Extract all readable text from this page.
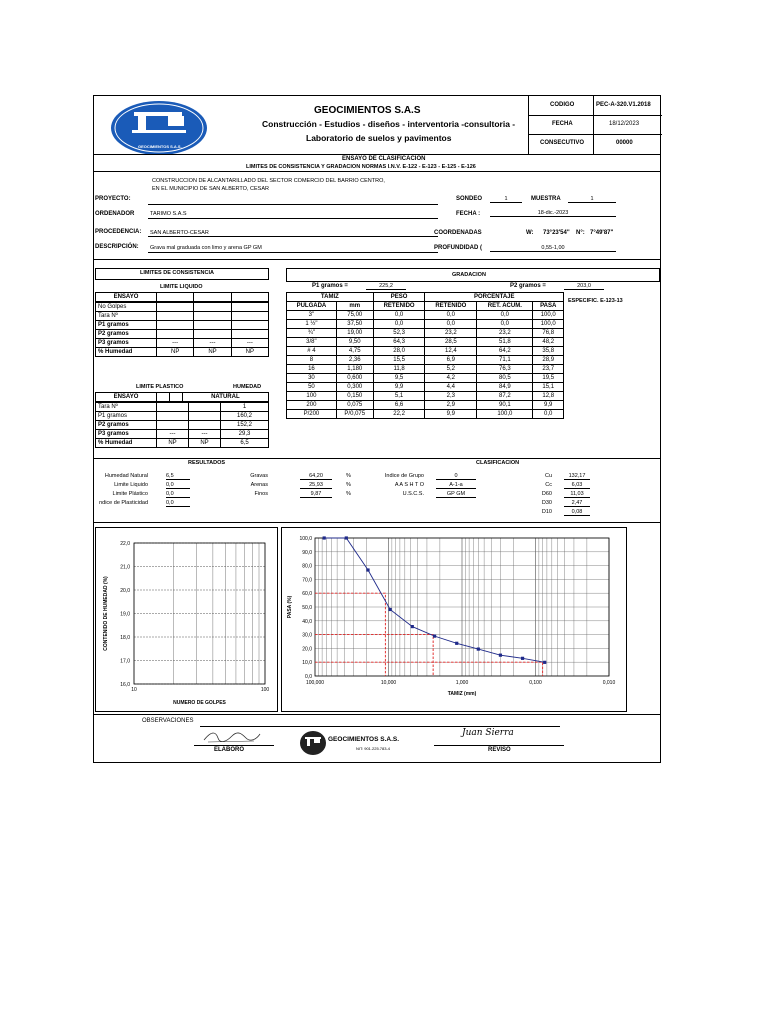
GEOCIMIENTOS S.A.S.
GEOCIMIENTOS S.A.S
Construcción - Estudios - diseños - interventoria -consultoria -
Laboratorio de suelos y pavimentos
CODIGO	PEC-A-320.V1.2018
FECHA	18/12/2023
CONSECUTIVO	00000
ENSAYO DE CLASIFICACION
LIMITES DE CONSISTENCIA Y GRADACION NORMAS I.N.V. E-122 - E-123 - E-125 - E-126
CONSTRUCCION DE ALCANTARILLADO DEL SECTOR COMERCIO DEL BARRIO CENTRO,
EN EL MUNICIPIO DE SAN ALBERTO, CESAR
PROYECTO:
ORDENADOR	TARIMO S.A.S
PROCEDENCIA: SAN ALBERTO-CESAR
DESCRIPCIÓN: Grava mal graduada con limo y arena GP GM
SONDEO	1	MUESTRA	1
FECHA :	18-dic.-2023
COORDENADAS	W: 73°23'54" N°: 7°49'87"
PROFUNDIDAD (	0,55-1,00
LIMITES DE CONSISTENCIA
LIMITE LIQUIDO
ENSAYO			
No Golpes			
Tara Nº			
P1 gramos			
P2 gramos			
P3 gramos	---	---	---
% Humedad	NP	NP	NP
LIMITE PLASTICO	HUMEDAD
ENSAYO			NATURAL
Tara Nº			1
P1 gramos			160,2
P2 gramos			152,2
P3 gramos	---	---	29,3
% Humedad	NP	NP	6,5
GRADACION
P1 gramos =	225,2	P2 gramos =	203,0
ESPECIFIC. E-123-13
TAMIZ		PESO	PORCENTAJE		
PULGADA	mm	RETENIDO	RETENIDO	RET. ACUM.	PASA
3"	75,00	0,0	0,0	0,0	100,0
1 ½"	37,50	0,0	0,0	0,0	100,0
¾"	19,00	52,3	23,2	23,2	76,8
3/8"	9,50	64,3	28,5	51,8	48,2
# 4	4,75	28,0	12,4	64,2	35,8
8	2,36	15,5	6,9	71,1	28,9
16	1,180	11,8	5,2	76,3	23,7
30	0,600	9,5	4,2	80,5	19,5
50	0,300	9,9	4,4	84,9	15,1
100	0,150	5,1	2,3	87,2	12,8
200	0,075	6,6	2,9	90,1	9,9
P/200	P/0,075	22,2	9,9	100,0	0,0
RESULTADOS	CLASIFICACION
22,0
21,0
20,0
19,0
18,0
17,0
16,0
10	100
NUMERO DE GOLPES
CONTENIDO DE HUMEDAD (%)
100,0
90,0
80,0
70,0
60,0
50,0
40,0
30,0
20,0
10,0
0,0
100,000	10,000	1,000	0,100	0,010
TAMIZ (mm)
PASA (%)
OBSERVACIONES
ELABORO
GEOCIMIENTOS S.A.S.
NIT: 901.225.783-4
Juan Sierra
REVISO
Humedad Natural	6,5
Limite Liquido	0,0
Limite Plástico	0,0
ndice de Plasticidad	0,0
Gravas	64,20	%
Arenas	25,93	%
Finos	9,87	%
Indice de Grupo	0
A A S H T O	A-1-a
U.S.C.S.	GP GM
Cu	132,17
Cc	6,03
D60	11,03
D30	2,47
D10	0,08
